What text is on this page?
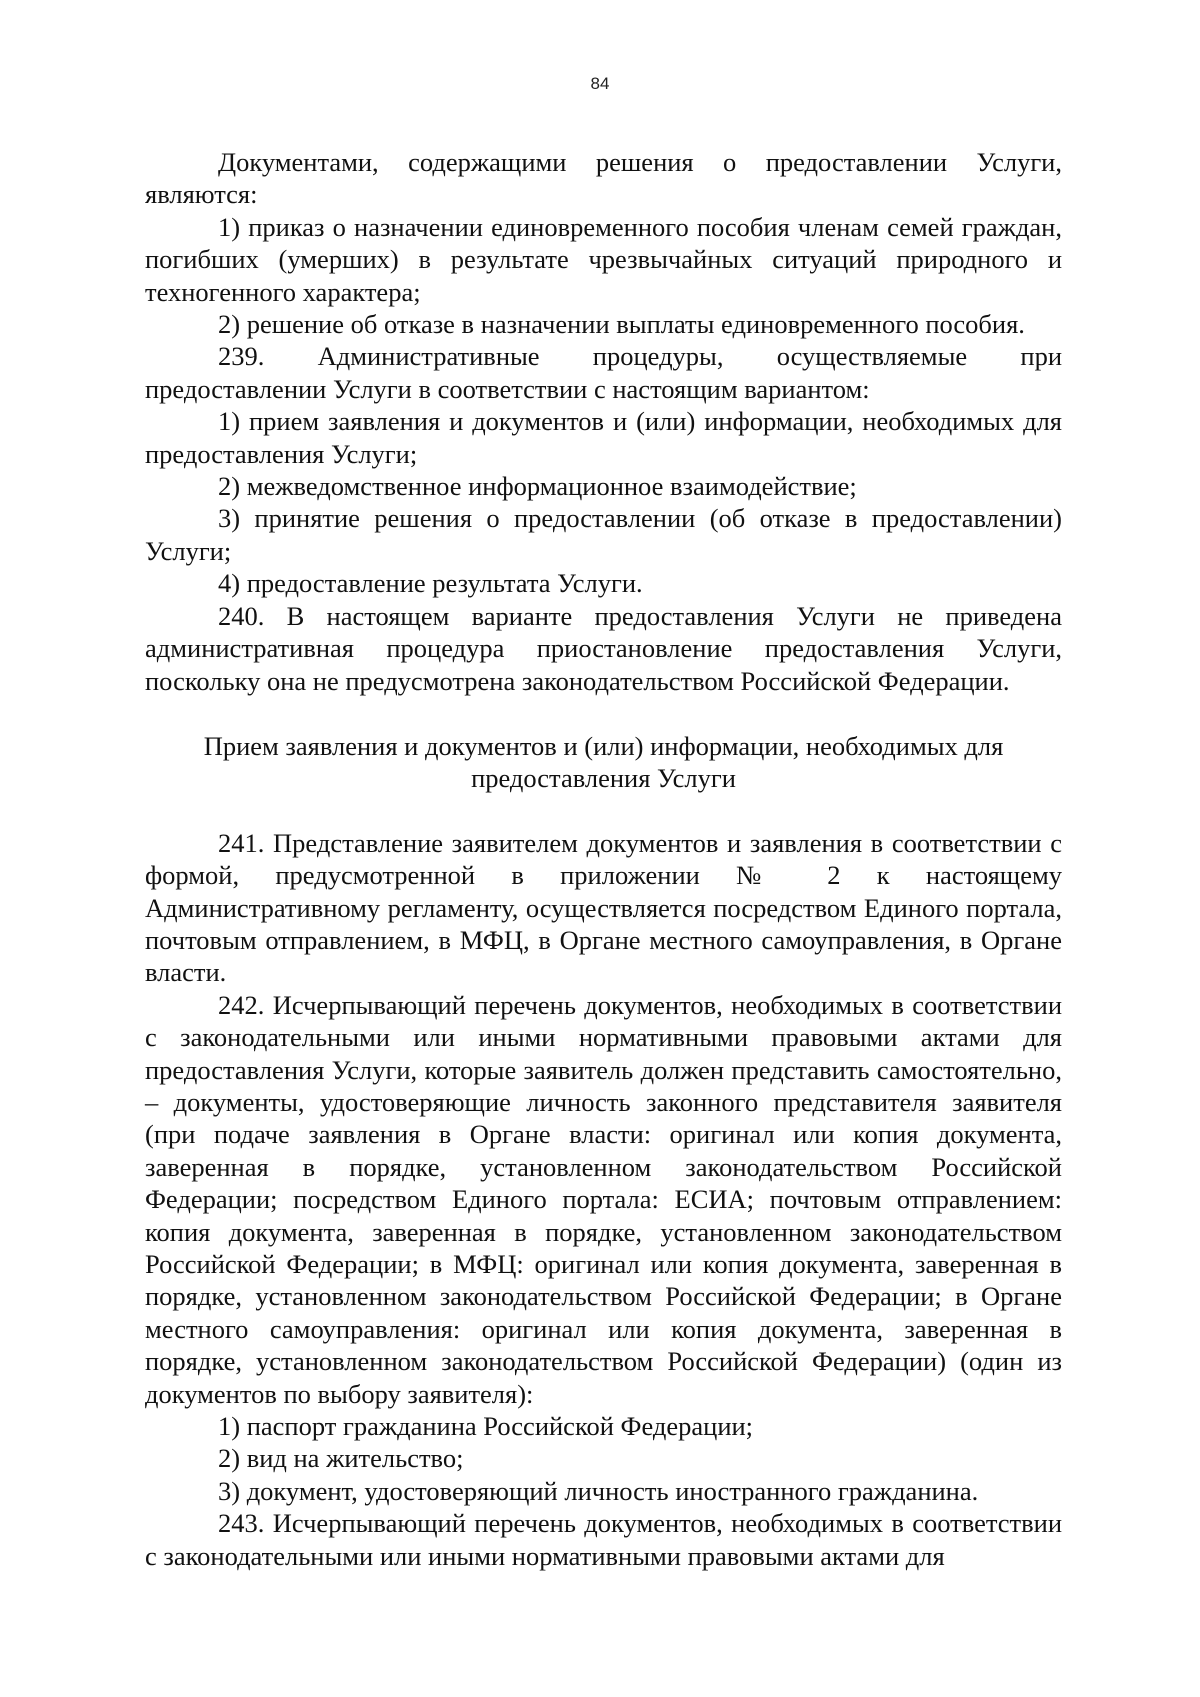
84

Документами, содержащими решения о предоставлении Услуги, являются:

1) приказ о назначении единовременного пособия членам семей граждан, погибших (умерших) в результате чрезвычайных ситуаций природного и техногенного характера;

2) решение об отказе в назначении выплаты единовременного пособия.

239. Административные процедуры, осуществляемые при предоставлении Услуги в соответствии с настоящим вариантом:

1) прием заявления и документов и (или) информации, необходимых для предоставления Услуги;

2) межведомственное информационное взаимодействие;

3) принятие решения о предоставлении (об отказе в предоставлении) Услуги;

4) предоставление результата Услуги.

240. В настоящем варианте предоставления Услуги не приведена административная процедура приостановление предоставления Услуги, поскольку она не предусмотрена законодательством Российской Федерации.

Прием заявления и документов и (или) информации, необходимых для предоставления Услуги

241. Представление заявителем документов и заявления в соответствии с формой, предусмотренной в приложении № 2 к настоящему Административному регламенту, осуществляется посредством Единого портала, почтовым отправлением, в МФЦ, в Органе местного самоуправления, в Органе власти.

242. Исчерпывающий перечень документов, необходимых в соответствии с законодательными или иными нормативными правовыми актами для предоставления Услуги, которые заявитель должен представить самостоятельно, – документы, удостоверяющие личность законного представителя заявителя (при подаче заявления в Органе власти: оригинал или копия документа, заверенная в порядке, установленном законодательством Российской Федерации; посредством Единого портала: ЕСИА; почтовым отправлением: копия документа, заверенная в порядке, установленном законодательством Российской Федерации; в МФЦ: оригинал или копия документа, заверенная в порядке, установленном законодательством Российской Федерации; в Органе местного самоуправления: оригинал или копия документа, заверенная в порядке, установленном законодательством Российской Федерации) (один из документов по выбору заявителя):

1) паспорт гражданина Российской Федерации;

2) вид на жительство;

3) документ, удостоверяющий личность иностранного гражданина.

243. Исчерпывающий перечень документов, необходимых в соответствии с законодательными или иными нормативными правовыми актами для
